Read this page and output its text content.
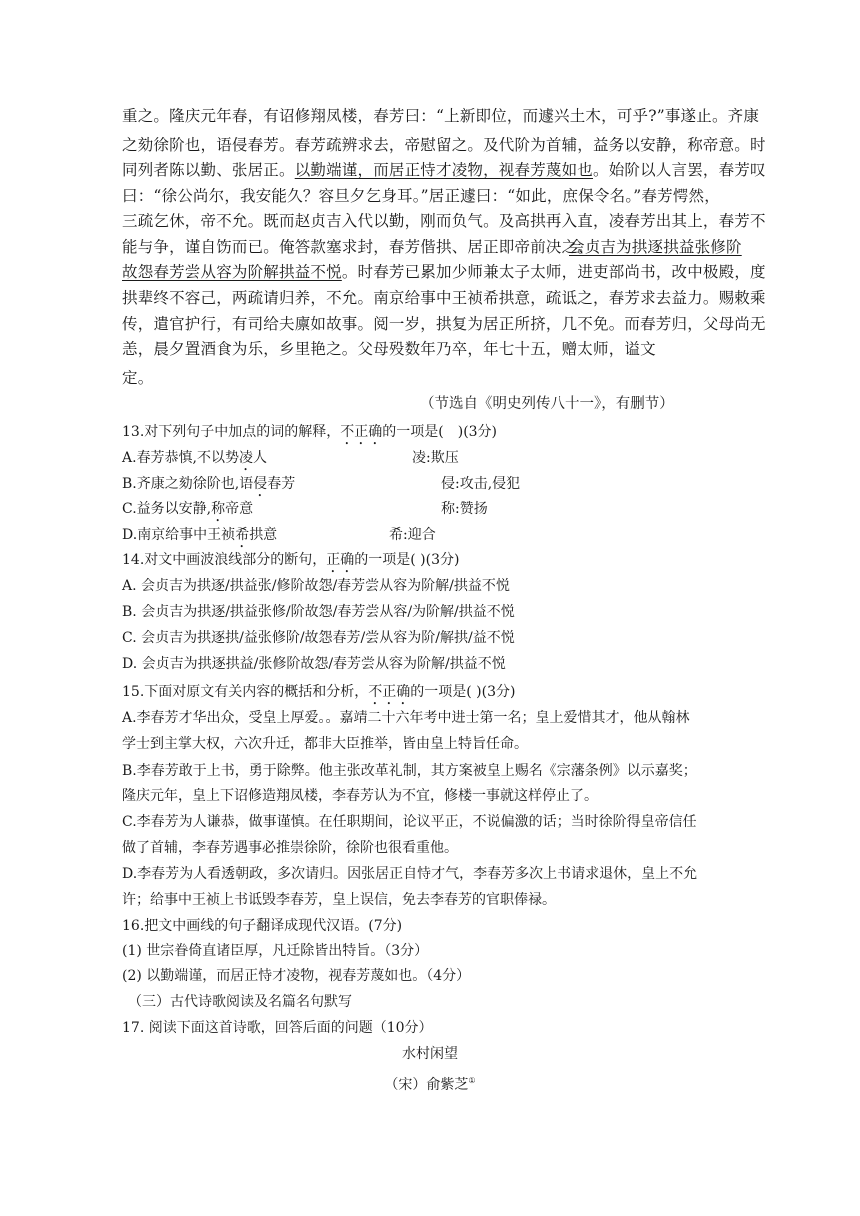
重之。隆庆元年春，有诏修翔凤楼，春芳曰：“上新即位，而遽兴土木，可乎?”事遂止。齐康
之劾徐阶也，语侵春芳。春芳疏辨求去，帝慰留之。及代阶为首辅，益务以安静，称帝意。时
同列者陈以勤、张居正。以勤端谨，而居正恃才凌物，视春芳蔑如也。始阶以人言罢，春芳叹
曰：“徐公尚尔，我安能久？容旦夕乞身耳。”居正遽曰：“如此，庶保令名。”春芳愕然，
三疏乞休，帝不允。既而赵贞吉入代以勤，刚而负气。及高拱再入直，凌春芳出其上，春芳不
能与争，谨自饬而已。俺答款塞求封，春芳偕拱、居正即帝前决之。
会贞吉为拱逐拱益张修阶
故怨春芳尝从容为阶解拱益不悦。时春芳已累加少师兼太子太师，进吏部尚书，改中极殿，度
拱辈终不容己，两疏请归养，不允。南京给事中王祯希拱意，疏诋之，春芳求去益力。赐敕乘
传，遣官护行，有司给夫廪如故事。阅一岁，拱复为居正所挤，几不免。而春芳归，父母尚无
恙，晨夕置酒食为乐，乡里艳之。父母殁数年乃卒，年七十五，赠太师，谥文
定。
（节选自《明史列传八十一》，有删节）
13.对下列句子中加点的词的解释，不正确的一项是(　)(3分)
A.春芳恭慎,不以势凌人	凌:欺压
B.齐康之劾徐阶也,语侵春芳	侵:攻击,侵犯
C.益务以安静,称帝意	称:赞扬
D.南京给事中王祯希拱意	希:迎合
14.对文中画波浪线部分的断句，正确的一项是( )(3分)
A. 会贞吉为拱逐/拱益张/修阶故怨/春芳尝从容为阶解/拱益不悦
B. 会贞吉为拱逐/拱益张修/阶故怨/春芳尝从容/为阶解/拱益不悦
C. 会贞吉为拱逐拱/益张修阶/故怨春芳/尝从容为阶/解拱/益不悦
D. 会贞吉为拱逐拱益/张修阶故怨/春芳尝从容为阶解/拱益不悦
15.下面对原文有关内容的概括和分析，不正确的一项是( )(3分)
A.李春芳才华出众，受皇上厚爱。。嘉靖二十六年考中进士第一名；皇上爱惜其才，他从翰林
学士到主掌大权，六次升迁，都非大臣推举，皆由皇上特旨任命。
B.李春芳敢于上书，勇于除弊。他主张改革礼制，其方案被皇上赐名《宗藩条例》以示嘉奖；
隆庆元年，皇上下诏修造翔凤楼，李春芳认为不宜，修楼一事就这样停止了。
C.李春芳为人谦恭，做事谨慎。在任职期间，论议平正，不说偏激的话；当时徐阶得皇帝信任
做了首辅，李春芳遇事必推崇徐阶，徐阶也很看重他。
D.李春芳为人看透朝政，多次请归。因张居正自恃才气，李春芳多次上书请求退休，皇上不允
许；给事中王祯上书诋毁李春芳，皇上误信，免去李春芳的官职俸禄。
16.把文中画线的句子翻译成现代汉语。(7分)
(1) 世宗眷倚直诸臣厚，凡迁除皆出特旨。（3分）
(2) 以勤端谨，而居正恃才凌物，视春芳蔑如也。（4分）
（三）古代诗歌阅读及名篇名句默写
17. 阅读下面这首诗歌，回答后面的问题（10分）
水村闲望
（宋）俞紫芝①
